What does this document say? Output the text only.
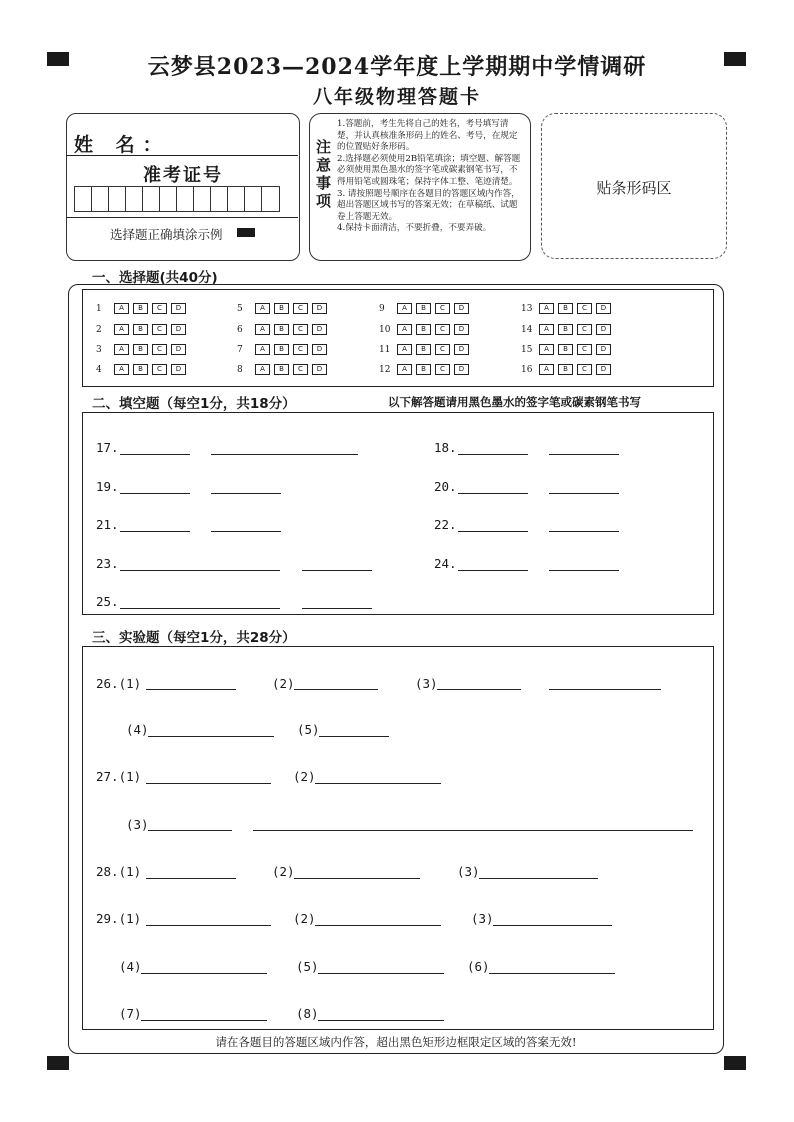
云梦县2023—2024学年度上学期期中学情调研
八年级物理答题卡
姓 名：
准考证号
选择题正确填涂示例
注意事项
1.答题前，考生先将自己的姓名，考号填写清楚，并认真核准条形码上的姓名、考号，在规定的位置贴好条形码。
2.选择题必须使用2B铅笔填涂；填空题、解答题必须使用黑色墨水的签字笔或碳素钢笔书写，不得用铅笔或圆珠笔；保持字体工整、笔迹清楚。
3. 请按照题号顺序在各题目的答题区域内作答，超出答题区域书写的答案无效；在草稿纸、试题卷上答题无效。
4.保持卡面清洁，不要折叠，不要弄破。
贴条形码区
一、选择题(共40分)
1	A	B	C	D
2	A	B	C	D
3	A	B	C	D
4	A	B	C	D
5	A	B	C	D
6	A	B	C	D
7	A	B	C	D
8	A	B	C	D
9	A	B	C	D
10	A	B	C	D
11	A	B	C	D
12	A	B	C	D
13	A	B	C	D
14	A	B	C	D
15	A	B	C	D
16	A	B	C	D
二、填空题（每空1分，共18分）	以下解答题请用黑色墨水的签字笔或碳素钢笔书写
17.	18.
19.	20.
21.	22.
23.	24.
25.
三、实验题（每空1分，共28分）
26.(1)	(2)	(3)
(4)	(5)
27.(1)	(2)
(3)
28.(1)	(2)	(3)
29.(1)	(2)	(3)
(4)	(5)	(6)
(7)	(8)
请在各题目的答题区域内作答，超出黑色矩形边框限定区域的答案无效!
